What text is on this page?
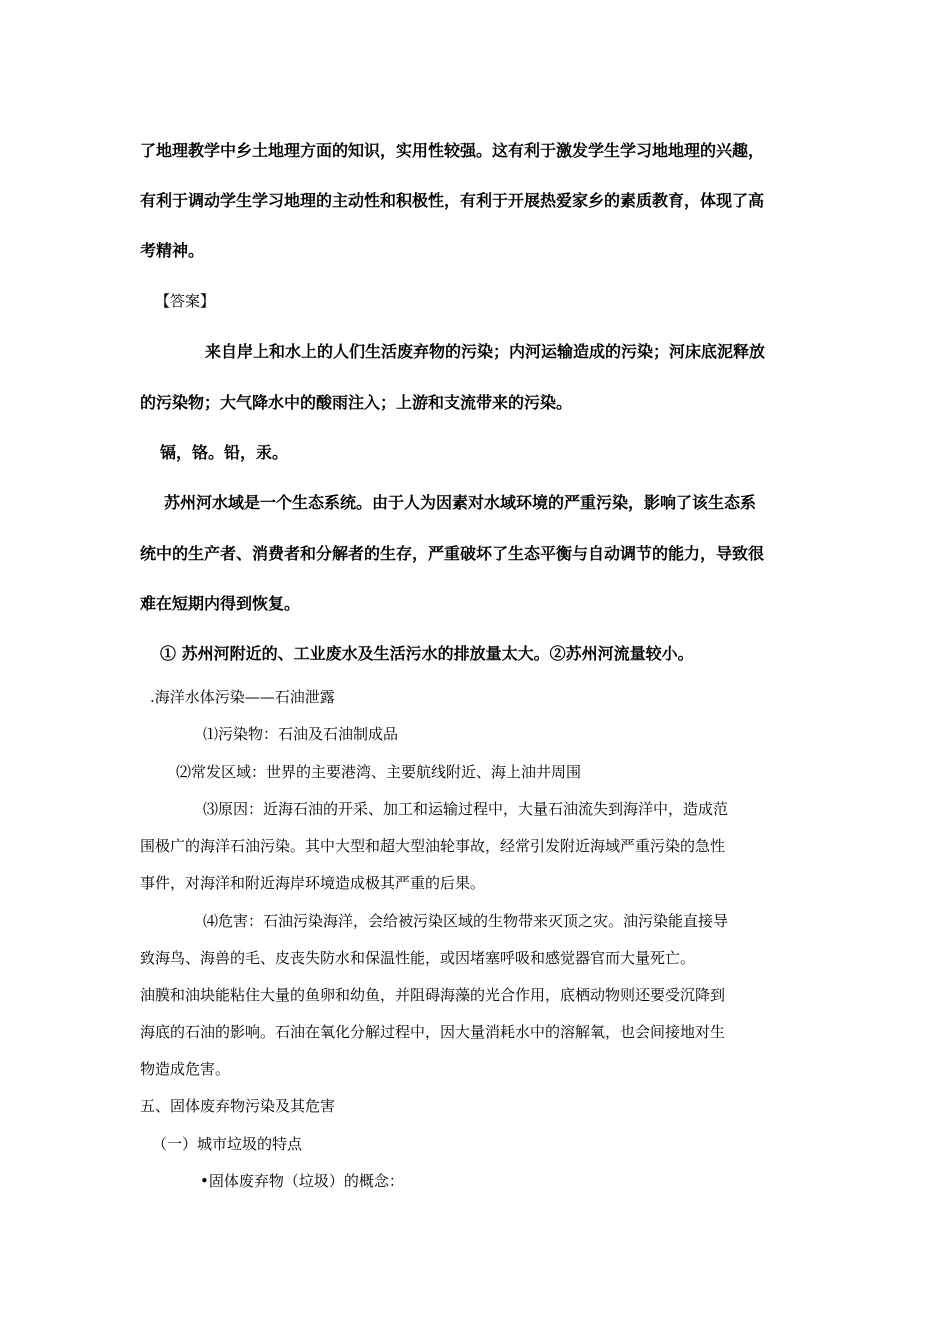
了地理教学中乡土地理方面的知识，实用性较强。这有利于激发学生学习地地理的兴趣，
有利于调动学生学习地理的主动性和积极性，有利于开展热爱家乡的素质教育，体现了高
考精神。
【答案】
来自岸上和水上的人们生活废弃物的污染；内河运输造成的污染；河床底泥释放
的污染物；大气降水中的酸雨注入；上游和支流带来的污染。
镉，铬。铅，汞。
苏州河水域是一个生态系统。由于人为因素对水域环境的严重污染，影响了该生态系
统中的生产者、消费者和分解者的生存，严重破坏了生态平衡与自动调节的能力，导致很
难在短期内得到恢复。
① 苏州河附近的、工业废水及生活污水的排放量太大。②苏州河流量较小。
.海洋水体污染——石油泄露
⑴污染物：石油及石油制成品
⑵常发区域：世界的主要港湾、主要航线附近、海上油井周围
⑶原因：近海石油的开采、加工和运输过程中，大量石油流失到海洋中，造成范
围极广的海洋石油污染。其中大型和超大型油轮事故，经常引发附近海域严重污染的急性
事件，对海洋和附近海岸环境造成极其严重的后果。
⑷危害：石油污染海洋，会给被污染区域的生物带来灭顶之灾。油污染能直接导
致海鸟、海兽的毛、皮丧失防水和保温性能，或因堵塞呼吸和感觉器官而大量死亡。
油膜和油块能粘住大量的鱼卵和幼鱼，并阻碍海藻的光合作用，底栖动物则还要受沉降到
海底的石油的影响。石油在氧化分解过程中，因大量消耗水中的溶解氧，也会间接地对生
物造成危害。
五、固体废弃物污染及其危害
（一）城市垃圾的特点
•固体废弃物（垃圾）的概念：
